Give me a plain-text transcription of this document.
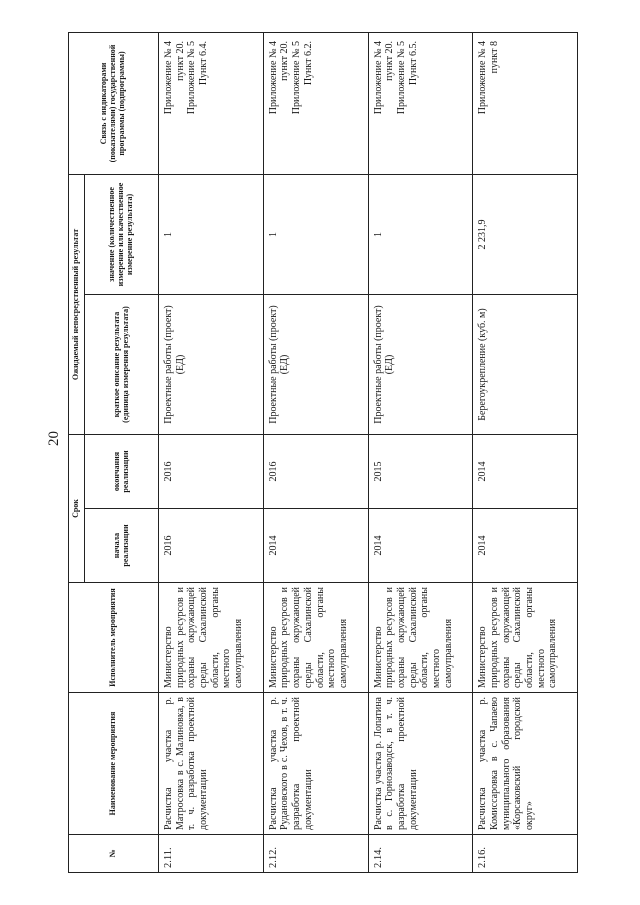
20
№	Наименование мероприятия	Исполнитель мероприятия	Срок		Ожидаемый непосредственный результат		Связь с индикаторами (показателями) государственной программы (подпрограммы)
			начала реализации	окончания реализации	краткое описание результата (единица измерения результата)	значение (количественное измерение или качественное измерение результата)	
2.11.	Расчистка участка р. Матросовка в с. Малиновка, в т. ч. разработка проектной документации	Министерство природных ресурсов и охраны окружающей среды Сахалинской области, органы местного самоуправления	2016	2016	Проектные работы (проект) (ЕД)	1	Приложение № 4 пункт 20. Приложение № 5 Пункт 6.4.

2.12.	Расчистка участка р. Рудановского в с. Чехов, в т. ч. разработка проектной документации	Министерство природных ресурсов и охраны окружающей среды Сахалинской области, органы местного самоуправления	2014	2016	Проектные работы (проект) (ЕД)	1	Приложение № 4 пункт 20. Приложение № 5 Пункт 6.2.

2.14.	Расчистка участка р. Лопатина в с. Горнозаводск, в т. ч. разработка проектной документации	Министерство природных ресурсов и охраны окружающей среды Сахалинской области, органы местного самоуправления	2014	2015	Проектные работы (проект) (ЕД)	1	Приложение № 4 пункт 20. Приложение № 5 Пункт 6.5.

2.16.	Расчистка участка р. Комиссаровка в с. Чапаево муниципального образования «Корсаковский городской округ»	Министерство природных ресурсов и охраны окружающей среды Сахалинской области, органы местного самоуправления	2014	2014	Берегоукрепление (куб. м)	2 231,9	Приложение № 4 пункт 8
